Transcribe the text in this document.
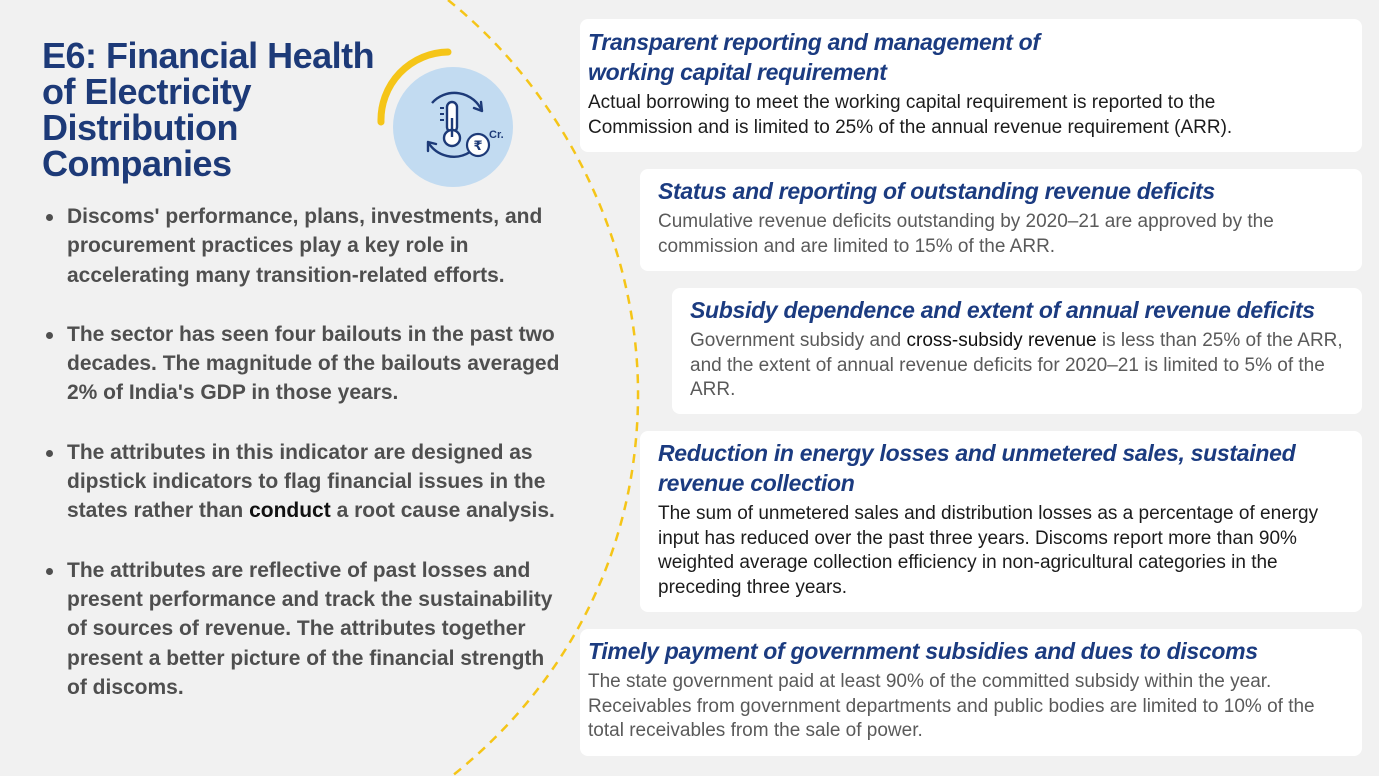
₹
Cr.
E6: Financial Health
of Electricity
Distribution
Companies
Discoms' performance, plans, investments, and procurement practices play a key role in accelerating many transition-related efforts.
The sector has seen four bailouts in the past two decades. The magnitude of the bailouts averaged 2% of India's GDP in those years.
The attributes in this indicator are designed as dipstick indicators to flag financial issues in the states rather than conduct a root cause analysis.
The attributes are reflective of past losses and present performance and track the sustainability of sources of revenue. The attributes together present a better picture of the financial strength of discoms.
Transparent reporting and management of working capital requirement

Actual borrowing to meet the working capital requirement is reported to the Commission and is limited to 25% of the annual revenue requirement (ARR).

Status and reporting of outstanding revenue deficits

Cumulative revenue deficits outstanding by 2020–21 are approved by the commission and are limited to 15% of the ARR.

Subsidy dependence and extent of annual revenue deficits

Government subsidy and cross-subsidy revenue is less than 25% of the ARR, and the extent of annual revenue deficits for 2020–21 is limited to 5% of the ARR.

Reduction in energy losses and unmetered sales, sustained revenue collection

The sum of unmetered sales and distribution losses as a percentage of energy input has reduced over the past three years. Discoms report more than 90% weighted average collection efficiency in non-agricultural categories in the preceding three years.

Timely payment of government subsidies and dues to discoms

The state government paid at least 90% of the committed subsidy within the year. Receivables from government departments and public bodies are limited to 10% of the total receivables from the sale of power.
